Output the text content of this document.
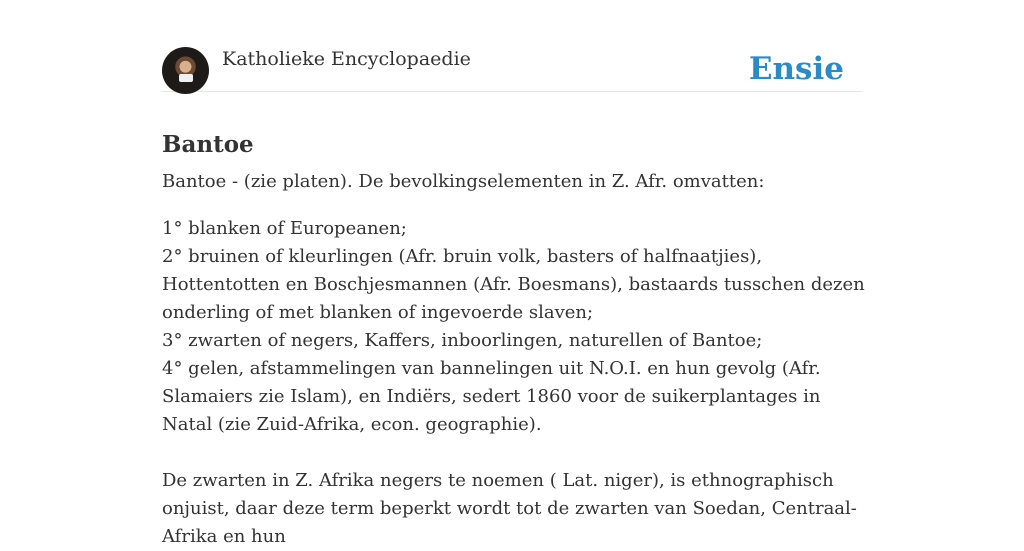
Katholieke Encyclopaedie	Ensie
Bantoe
Bantoe - (zie platen). De bevolkingselementen in Z. Afr. omvatten:
1° blanken of Europeanen;
2° bruinen of kleurlingen (Afr. bruin volk, basters of halfnaatjies), Hottentotten en Boschjesmannen (Afr. Boesmans), bastaards tusschen dezen onderling of met blanken of ingevoerde slaven;
3° zwarten of negers, Kaffers, inboorlingen, naturellen of Bantoe;
4° gelen, afstammelingen van bannelingen uit N.O.I. en hun gevolg (Afr. Slamaiers zie Islam), en Indiërs, sedert 1860 voor de suikerplantages in Natal (zie Zuid-Afrika, econ. geographie).
De zwarten in Z. Afrika negers te noemen ( Lat. niger), is ethnographisch onjuist, daar deze term beperkt wordt tot de zwarten van Soedan, Centraal-Afrika en hun
